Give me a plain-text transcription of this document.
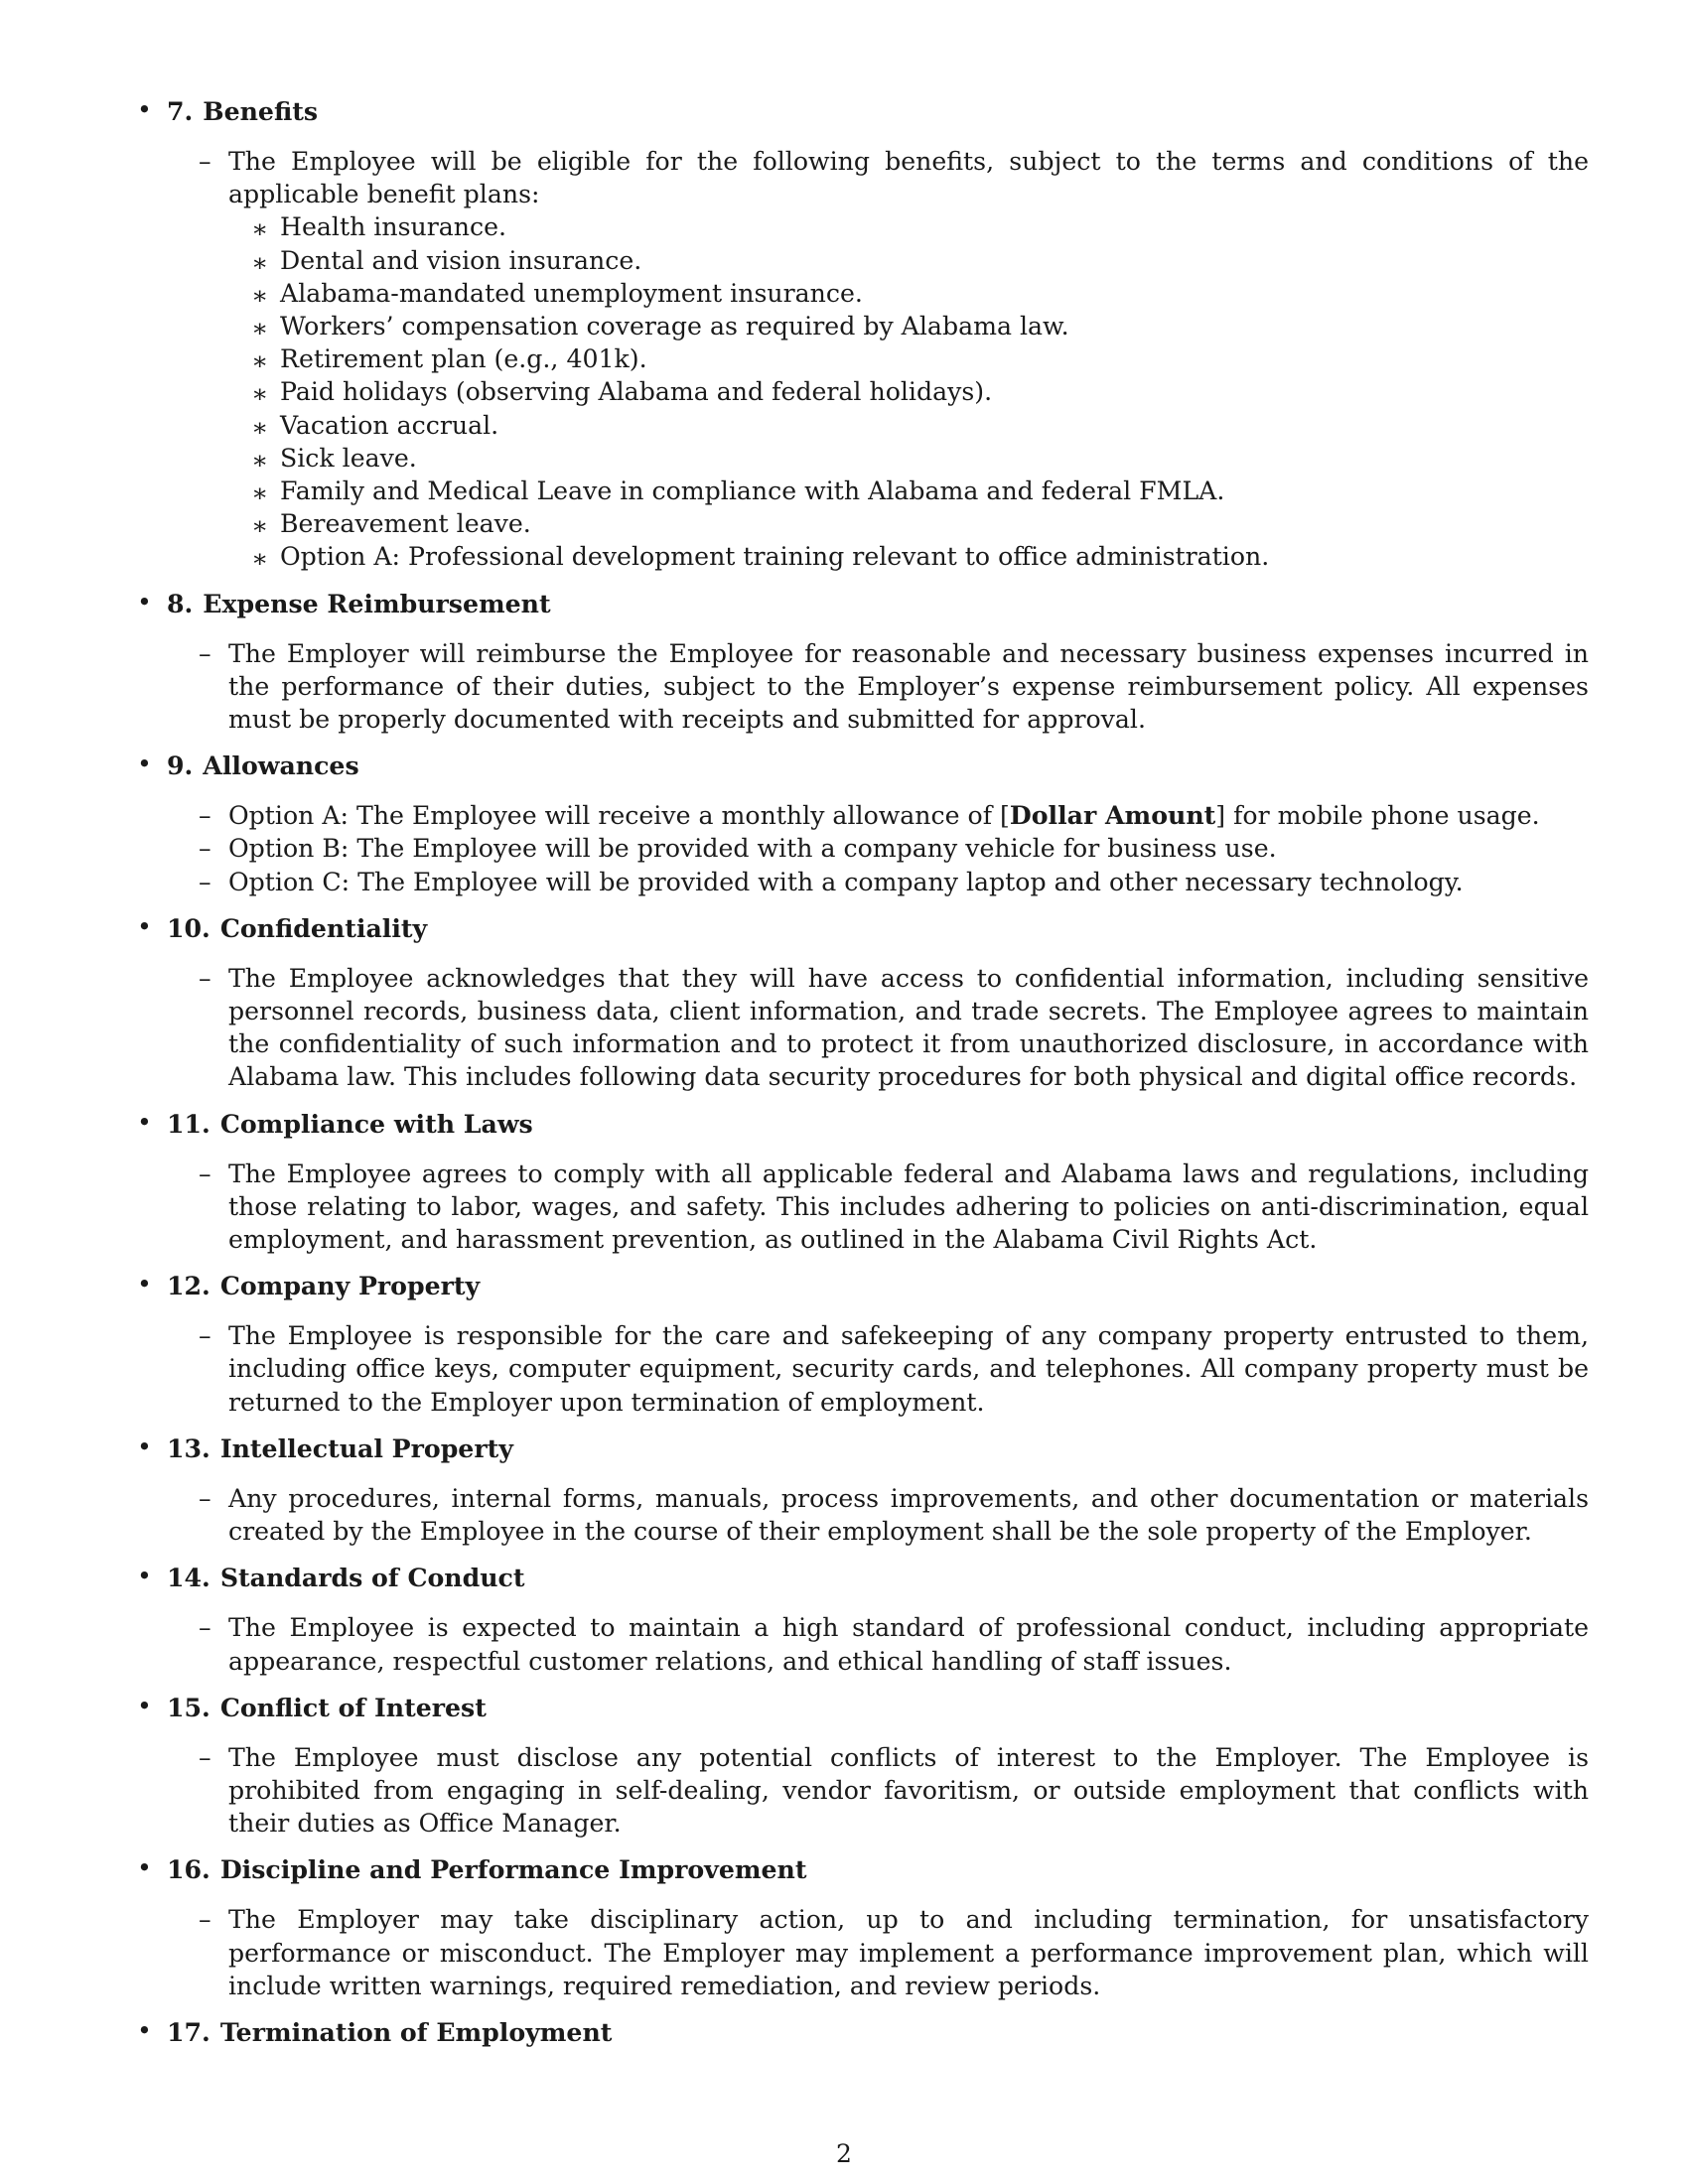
• 7. Benefits
– The Employee will be eligible for the following benefits, subject to the terms and conditions of the applicable benefit plans:
∗ Health insurance.
∗ Dental and vision insurance.
∗ Alabama-mandated unemployment insurance.
∗ Workers’ compensation coverage as required by Alabama law.
∗ Retirement plan (e.g., 401k).
∗ Paid holidays (observing Alabama and federal holidays).
∗ Vacation accrual.
∗ Sick leave.
∗ Family and Medical Leave in compliance with Alabama and federal FMLA.
∗ Bereavement leave.
∗ Option A: Professional development training relevant to office administration.
• 8. Expense Reimbursement
– The Employer will reimburse the Employee for reasonable and necessary business expenses incurred in the performance of their duties, subject to the Employer’s expense reimbursement policy. All expenses must be properly documented with receipts and submitted for approval.
• 9. Allowances
– Option A: The Employee will receive a monthly allowance of [Dollar Amount] for mobile phone usage.
– Option B: The Employee will be provided with a company vehicle for business use.
– Option C: The Employee will be provided with a company laptop and other necessary technology.
• 10. Confidentiality
– The Employee acknowledges that they will have access to confidential information, including sensitive personnel records, business data, client information, and trade secrets. The Employee agrees to maintain the confidentiality of such information and to protect it from unauthorized disclosure, in accordance with Alabama law. This includes following data security procedures for both physical and digital office records.
• 11. Compliance with Laws
– The Employee agrees to comply with all applicable federal and Alabama laws and regulations, including those relating to labor, wages, and safety. This includes adhering to policies on anti-discrimination, equal employment, and harassment prevention, as outlined in the Alabama Civil Rights Act.
• 12. Company Property
– The Employee is responsible for the care and safekeeping of any company property entrusted to them, including office keys, computer equipment, security cards, and telephones. All company property must be returned to the Employer upon termination of employment.
• 13. Intellectual Property
– Any procedures, internal forms, manuals, process improvements, and other documentation or materials created by the Employee in the course of their employment shall be the sole property of the Employer.
• 14. Standards of Conduct
– The Employee is expected to maintain a high standard of professional conduct, including appropriate appearance, respectful customer relations, and ethical handling of staff issues.
• 15. Conflict of Interest
– The Employee must disclose any potential conflicts of interest to the Employer. The Employee is prohibited from engaging in self-dealing, vendor favoritism, or outside employment that conflicts with their duties as Office Manager.
• 16. Discipline and Performance Improvement
– The Employer may take disciplinary action, up to and including termination, for unsatisfactory performance or misconduct. The Employer may implement a performance improvement plan, which will include written warnings, required remediation, and review periods.
• 17. Termination of Employment
2
